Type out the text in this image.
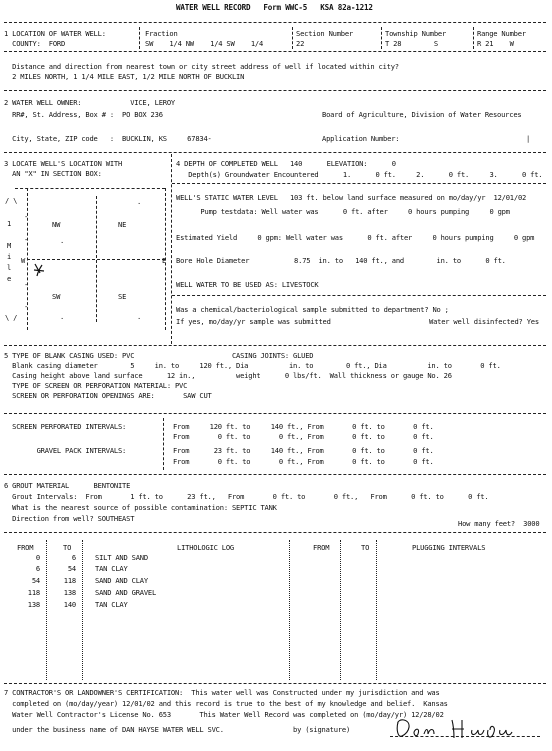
WATER WELL RECORD   Form WWC-5   KSA 82a-1212
1 LOCATION OF WATER WELL:
COUNTY:  FORD
Fraction
SW    1/4 NW    1/4 SW    1/4
Section Number
22
Township Number
T 28        S
Range Number
R 21    W
Distance and direction from nearest town or city street address of well if located within city?
2 MILES NORTH, 1 1/4 MILE EAST, 1/2 MILE NORTH OF BUCKLIN
2 WATER WELL OWNER:            VICE, LEROY
RR#, St. Address, Box # :  PO BOX 236	Board of Agriculture, Division of Water Resources
City, State, ZIP code   :  BUCKLIN, KS     67834-	Application Number:	|
3 LOCATE WELL'S LOCATION WITH
AN "X" IN SECTION BOX:
NW	NE
SW	SE
W	E
/ \
1
M
i
l
e
\ /
-
-
-
-
.
.
.	.
4 DEPTH OF COMPLETED WELL   140      ELEVATION:      0
Depth(s) Groundwater Encountered      1.      0 ft.     2.      0 ft.     3.      0 ft.
WELL'S STATIC WATER LEVEL   103 ft. below land surface measured on mo/day/yr  12/01/02
Pump testdata: Well water was      0 ft. after     0 hours pumping     0 gpm
Estimated Yield     0 gpm: Well water was      0 ft. after     0 hours pumping     0 gpm
Bore Hole Diameter           8.75  in. to   140 ft., and        in. to      0 ft.
WELL WATER TO BE USED AS: LIVESTOCK
Was a chemical/bacteriological sample submitted to department? No ;
If yes, mo/day/yr sample was submitted	Water well disinfected? Yes
5 TYPE OF BLANK CASING USED: PVC                        CASING JOINTS: GLUED
Blank casing diameter        5     in. to     120 ft., Dia          in. to        0 ft., Dia          in. to       0 ft.
Casing height above land surface      12 in.,          weight      0 lbs/ft.  Wall thickness or gauge No. 26
TYPE OF SCREEN OR PERFORATION MATERIAL: PVC
SCREEN OR PERFORATION OPENINGS ARE:       SAW CUT
SCREEN PERFORATED INTERVALS:	From     120 ft. to     140 ft., From       0 ft. to       0 ft.
From       0 ft. to       0 ft., From       0 ft. to       0 ft.
GRAVEL PACK INTERVALS:	From      23 ft. to     140 ft., From       0 ft. to       0 ft.
From       0 ft. to       0 ft., From       0 ft. to       0 ft.
6 GROUT MATERIAL      BENTONITE
Grout Intervals:  From       1 ft. to      23 ft.,   From       0 ft. to       0 ft.,   From      0 ft. to      0 ft.
What is the nearest source of possible contamination: SEPTIC TANK
Direction from well? SOUTHEAST
How many feet?  3000
FROM	TO	LITHOLOGIC LOG	FROM	TO	PLUGGING INTERVALS
0	6	SILT AND SAND
6	54	TAN CLAY
54	118	SAND AND CLAY
118	138	SAND AND GRAVEL
138	140	TAN CLAY
7 CONTRACTOR'S OR LANDOWNER'S CERTIFICATION:  This water well was Constructed under my jurisdiction and was
completed on (mo/day/year) 12/01/02 and this record is true to the best of my knowledge and belief.  Kansas
Water Well Contractor's License No. 653       This Water Well Record was completed on (mo/day/yr) 12/28/02
under the business name of DAN HAYSE WATER WELL SVC.                 by (signature)
